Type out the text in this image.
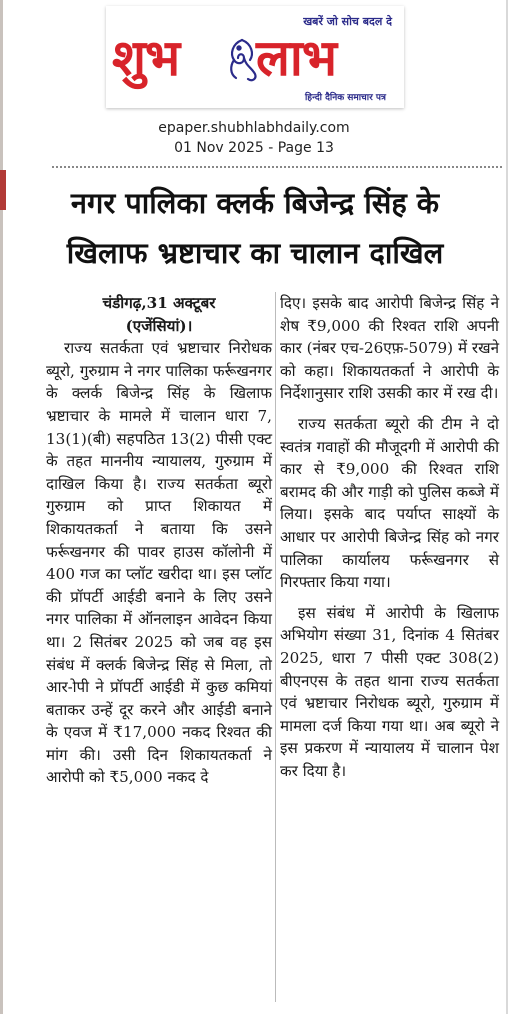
खबरें जो सोच बदल दे
शुभ लाभ
हिन्दी दैनिक समाचार पत्र
epaper.shubhlabhdaily.com
01 Nov 2025 - Page 13
नगर पालिका क्लर्क बिजेन्द्र सिंह के
खिलाफ भ्रष्टाचार का चालान दाखिल
चंडीगढ़,31 अक्टूबर
(एजेंसियां)।

राज्य सतर्कता एवं भ्रष्टाचार निरोधक ब्यूरो, गुरुग्राम ने नगर पालिका फर्रूखनगर के क्लर्क बिजेन्द्र सिंह के खिलाफ भ्रष्टाचार के मामले में चालान धारा 7, 13(1)(बी) सहपठित 13(2) पीसी एक्ट के तहत माननीय न्यायालय, गुरुग्राम में दाखिल किया है। राज्य सतर्कता ब्यूरो गुरुग्राम को प्राप्त शिकायत में शिकायतकर्ता ने बताया कि उसने फर्रूखनगर की पावर हाउस कॉलोनी में 400 गज का प्लॉट खरीदा था। इस प्लॉट की प्रॉपर्टी आईडी बनाने के लिए उसने नगर पालिका में ऑनलाइन आवेदन किया था। 2 सितंबर 2025 को जब वह इस संबंध में क्लर्क बिजेन्द्र सिंह से मिला, तो आर-ोपी ने प्रॉपर्टी आईडी में कुछ कमियां बताकर उन्हें दूर करने और आईडी बनाने के एवज में ₹17,000 नकद रिश्वत की मांग की। उसी दिन शिकायतकर्ता ने आरोपी को ₹5,000 नकद दे

दिए। इसके बाद आरोपी बिजेन्द्र सिंह ने शेष ₹9,000 की रिश्वत राशि अपनी कार (नंबर एच-26एफ़-5079) में रखने को कहा। शिकायतकर्ता ने आरोपी के निर्देशानुसार राशि उसकी कार में रख दी।

राज्य सतर्कता ब्यूरो की टीम ने दो स्वतंत्र गवाहों की मौजूदगी में आरोपी की कार से ₹9,000 की रिश्वत राशि बरामद की और गाड़ी को पुलिस कब्जे में लिया। इसके बाद पर्याप्त साक्ष्यों के आधार पर आरोपी बिजेन्द्र सिंह को नगर पालिका कार्यालय फर्रूखनगर से गिरफ्तार किया गया।

इस संबंध में आरोपी के खिलाफ अभियोग संख्या 31, दिनांक 4 सितंबर 2025, धारा 7 पीसी एक्ट 308(2) बीएनएस के तहत थाना राज्य सतर्कता एवं भ्रष्टाचार निरोधक ब्यूरो, गुरुग्राम में मामला दर्ज किया गया था। अब ब्यूरो ने इस प्रकरण में न्यायालय में चालान पेश कर दिया है।
